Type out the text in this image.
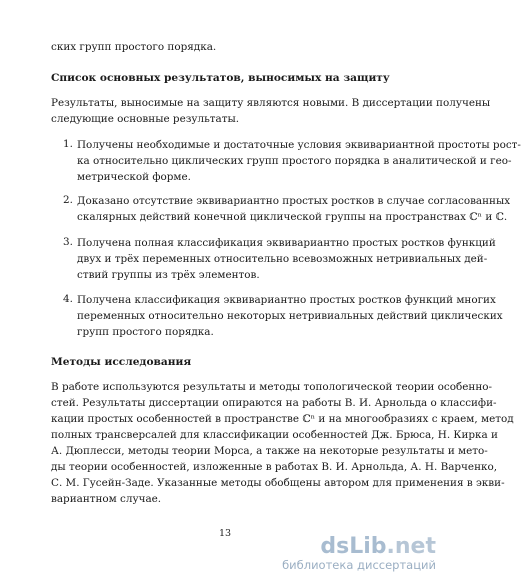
ских групп простого порядка.
Список основных результатов, выносимых на защиту
Результаты, выносимые на защиту являются новыми. В диссертации получены
следующие основные результаты.
1. Получены необходимые и достаточные условия эквивариантной простоты рост-
ка относительно циклических групп простого порядка в аналитической и гео-
метрической форме.
2. Доказано отсутствие эквивариантно простых ростков в случае согласованных
скалярных действий конечной циклической группы на пространствах ℂⁿ и ℂ.
3. Получена полная классификация эквивариантно простых ростков функций
двух и трёх переменных относительно всевозможных нетривиальных дей-
ствий группы из трёх элементов.
4. Получена классификация эквивариантно простых ростков функций многих
переменных относительно некоторых нетривиальных действий циклических
групп простого порядка.
Методы исследования
В работе используются результаты и методы топологической теории особенно-
стей. Результаты диссертации опираются на работы В. И. Арнольда о классифи-
кации простых особенностей в пространстве ℂⁿ и на многообразиях с краем, метод
полных трансверсалей для классификации особенностей Дж. Брюса, Н. Кирка и
А. Дюплесси, методы теории Морса, а также на некоторые результаты и мето-
ды теории особенностей, изложенные в работах В. И. Арнольда, А. Н. Варченко,
С. М. Гусейн-Заде. Указанные методы обобщены автором для применения в экви-
вариантном случае.
13
dsLib.net
библиотека диссертаций
